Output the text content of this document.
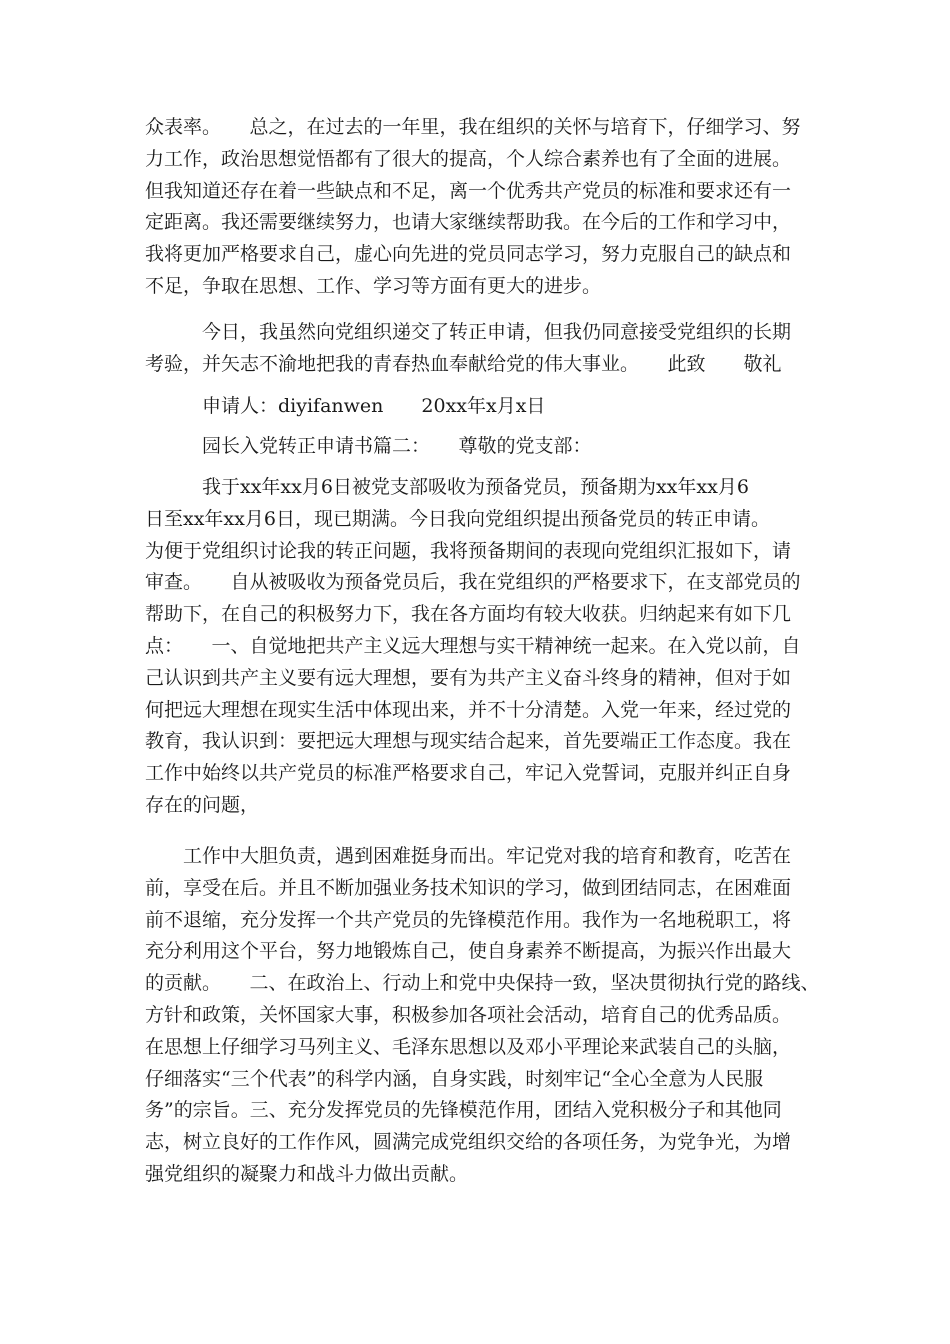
众表率。　　总之，在过去的一年里，我在组织的关怀与培育下，仔细学习、努
力工作，政治思想觉悟都有了很大的提高，个人综合素养也有了全面的进展。
但我知道还存在着一些缺点和不足，离一个优秀共产党员的标准和要求还有一
定距离。我还需要继续努力，也请大家继续帮助我。在今后的工作和学习中，
我将更加严格要求自己，虚心向先进的党员同志学习，努力克服自己的缺点和
不足，争取在思想、工作、学习等方面有更大的进步。
　　　今日，我虽然向党组织递交了转正申请，但我仍同意接受党组织的长期
考验，并矢志不渝地把我的青春热血奉献给党的伟大事业。　　此致　　敬礼
　　　申请人：diyifanwen　　20xx年x月x日
　　　园长入党转正申请书篇二：　　尊敬的党支部：
　　　我于xx年xx月6日被党支部吸收为预备党员，预备期为xx年xx月6
日至xx年xx月6日，现已期满。今日我向党组织提出预备党员的转正申请。
为便于党组织讨论我的转正问题，我将预备期间的表现向党组织汇报如下，请
审查。　　自从被吸收为预备党员后，我在党组织的严格要求下，在支部党员的
帮助下，在自己的积极努力下，我在各方面均有较大收获。归纳起来有如下几
点：　　一、自觉地把共产主义远大理想与实干精神统一起来。在入党以前，自
己认识到共产主义要有远大理想，要有为共产主义奋斗终身的精神，但对于如
何把远大理想在现实生活中体现出来，并不十分清楚。入党一年来，经过党的
教育，我认识到：要把远大理想与现实结合起来，首先要端正工作态度。我在
工作中始终以共产党员的标准严格要求自己，牢记入党誓词，克服并纠正自身
存在的问题，
　　工作中大胆负责，遇到困难挺身而出。牢记党对我的培育和教育，吃苦在
前，享受在后。并且不断加强业务技术知识的学习，做到团结同志，在困难面
前不退缩，充分发挥一个共产党员的先锋模范作用。我作为一名地税职工，将
充分利用这个平台，努力地锻炼自己，使自身素养不断提高，为振兴作出最大
的贡献。　　二、在政治上、行动上和党中央保持一致，坚决贯彻执行党的路线、
方针和政策，关怀国家大事，积极参加各项社会活动，培育自己的优秀品质。
在思想上仔细学习马列主义、毛泽东思想以及邓小平理论来武装自己的头脑，
仔细落实“三个代表”的科学内涵，自身实践，时刻牢记“全心全意为人民服
务”的宗旨。三、充分发挥党员的先锋模范作用，团结入党积极分子和其他同
志，树立良好的工作作风，圆满完成党组织交给的各项任务，为党争光，为增
强党组织的凝聚力和战斗力做出贡献。
